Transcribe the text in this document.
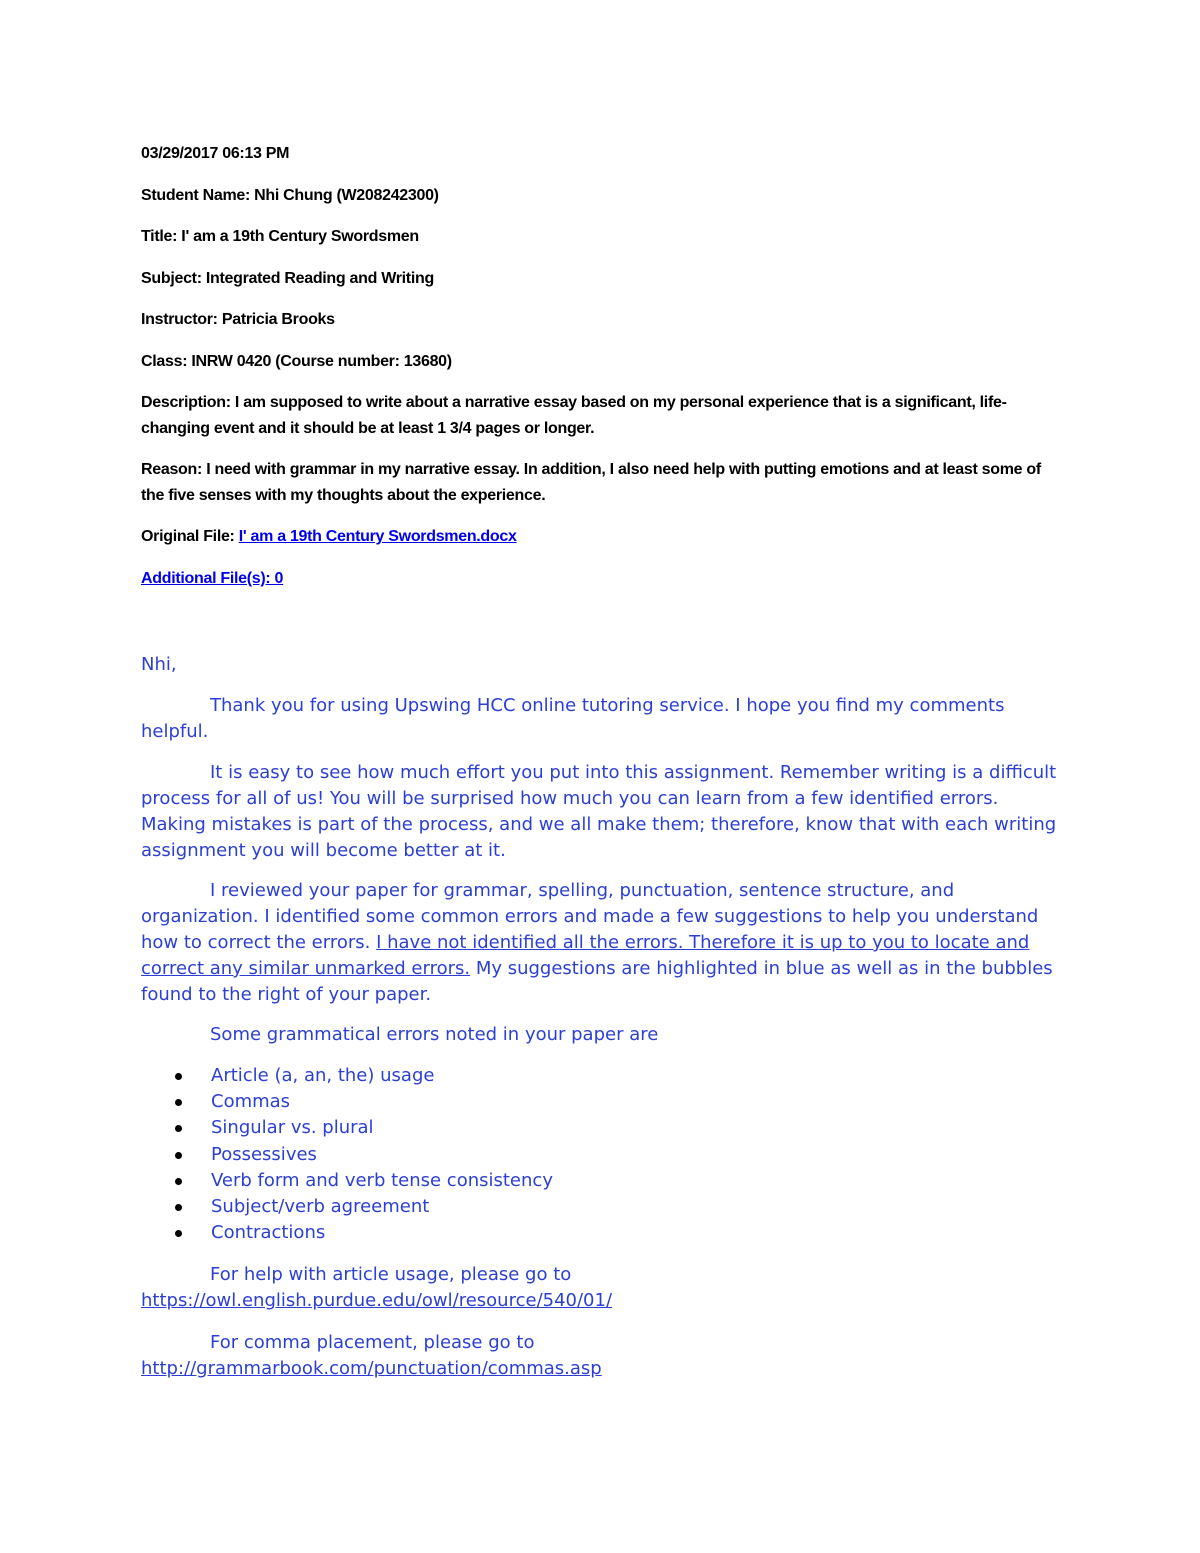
03/29/2017 06:13 PM
Student Name: Nhi Chung (W208242300)
Title: I' am a 19th Century Swordsmen
Subject: Integrated Reading and Writing
Instructor: Patricia Brooks
Class: INRW 0420 (Course number: 13680)
Description: I am supposed to write about a narrative essay based on my personal experience that is a significant, life-changing event and it should be at least 1 3/4 pages or longer.
Reason: I need with grammar in my narrative essay. In addition, I also need help with putting emotions and at least some of the five senses with my thoughts about the experience.
Original File: I' am a 19th Century Swordsmen.docx
Additional File(s): 0

Nhi,

Thank you for using Upswing HCC online tutoring service. I hope you find my comments helpful.

It is easy to see how much effort you put into this assignment. Remember writing is a difficult process for all of us! You will be surprised how much you can learn from a few identified errors. Making mistakes is part of the process, and we all make them; therefore, know that with each writing assignment you will become better at it.

I reviewed your paper for grammar, spelling, punctuation, sentence structure, and organization. I identified some common errors and made a few suggestions to help you understand how to correct the errors. I have not identified all the errors. Therefore it is up to you to locate and correct any similar unmarked errors. My suggestions are highlighted in blue as well as in the bubbles found to the right of your paper.

Some grammatical errors noted in your paper are

Article (a, an, the) usage
Commas
Singular vs. plural
Possessives
Verb form and verb tense consistency
Subject/verb agreement
Contractions

For help with article usage, please go to
https://owl.english.purdue.edu/owl/resource/540/01/

For comma placement, please go to
http://grammarbook.com/punctuation/commas.asp
